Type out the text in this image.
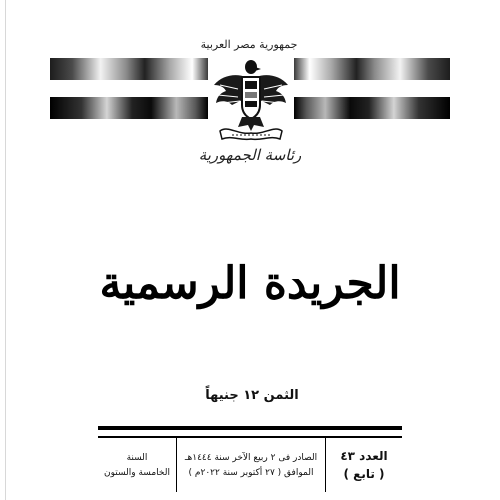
جمهورية مصر العربية
رئاسة الجمهورية
الجريدة الرسمية
الثمن ١٢ جنيهاً
العدد ٤٣
( تابع )
الصادر فى ٢ ربيع الآخر سنة ١٤٤٤هـ
الموافق ( ٢٧ أكتوبر سنة ٢٠٢٢م )
السنة
الخامسة والستون
